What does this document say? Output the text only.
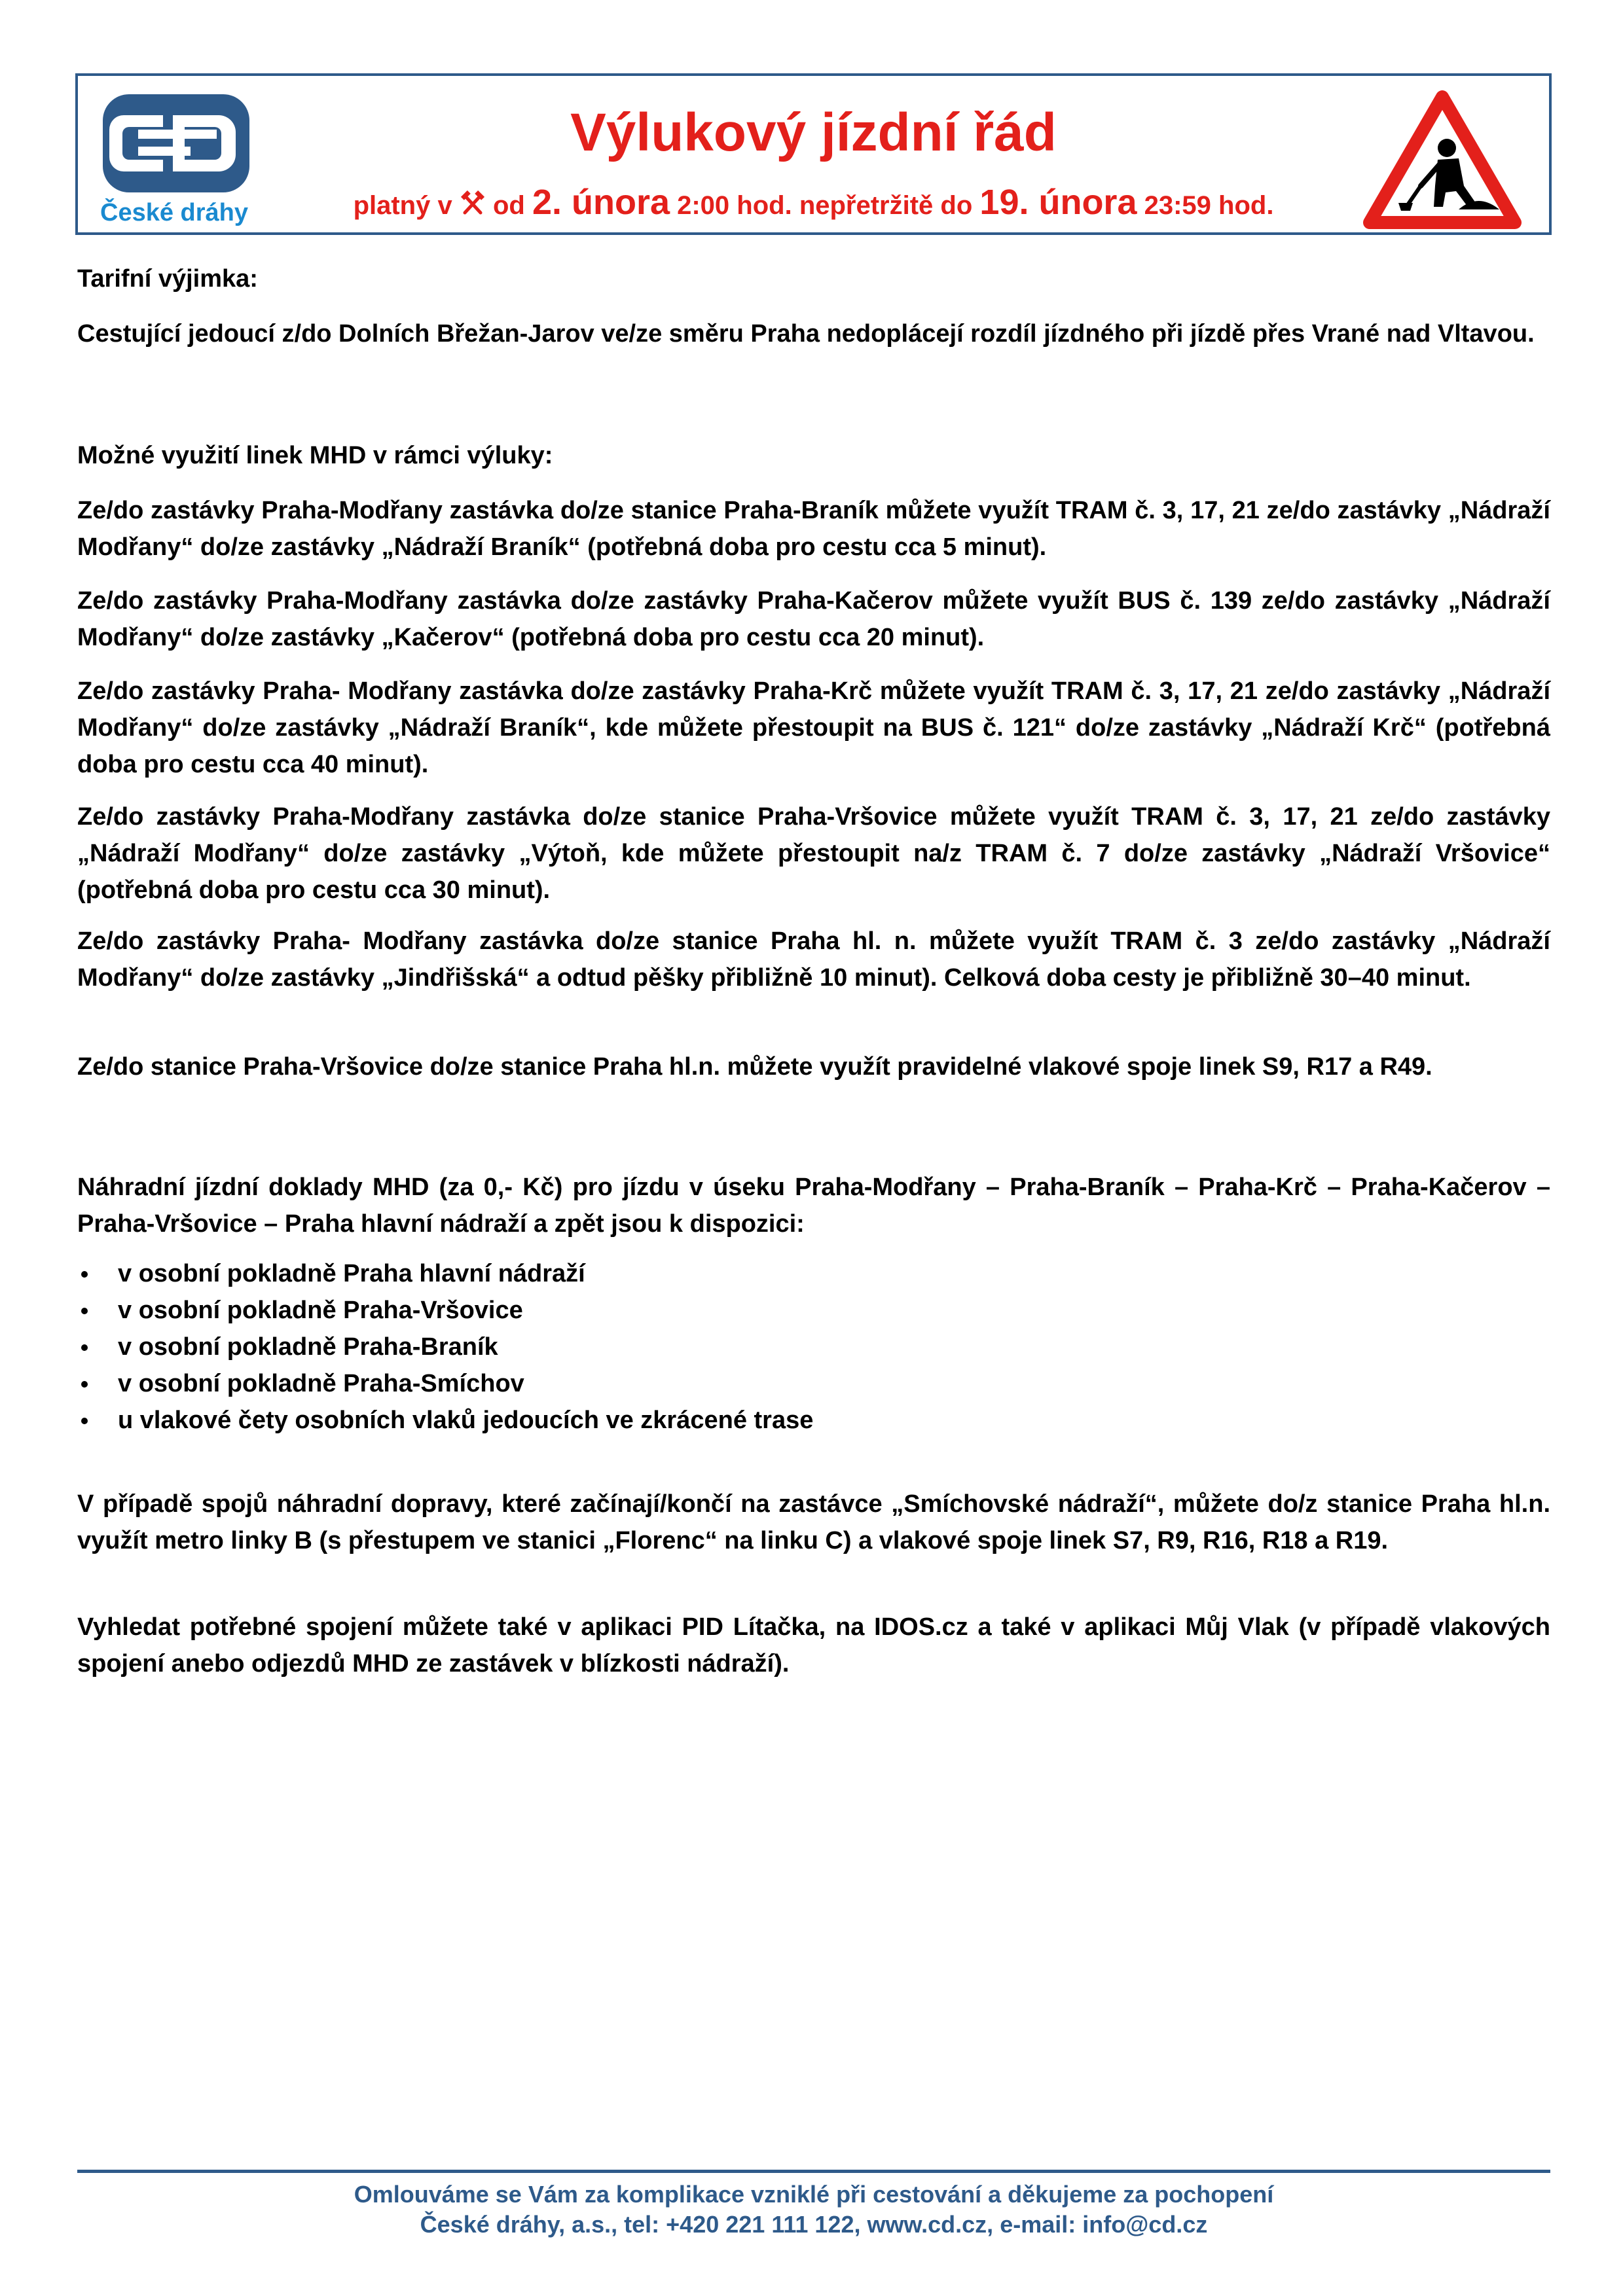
České dráhy
Výlukový jízdní řád
platný v  od 2. února 2:00 hod. nepřetržitě do 19. února 23:59 hod.

Tarifní výjimka:

Cestující jedoucí z/do Dolních Břežan-Jarov ve/ze směru Praha nedoplácejí rozdíl jízdného při jízdě přes Vrané nad Vltavou.

Možné využití linek MHD v rámci výluky:

Ze/do zastávky Praha-Modřany zastávka do/ze stanice Praha-Braník můžete využít TRAM č. 3, 17, 21 ze/do zastávky „Nádraží Modřany“ do/ze zastávky „Nádraží Braník“ (potřebná doba pro cestu cca 5 minut).

Ze/do zastávky Praha-Modřany zastávka do/ze zastávky Praha-Kačerov můžete využít BUS č. 139 ze/do zastávky „Nádraží Modřany“ do/ze zastávky „Kačerov“ (potřebná doba pro cestu cca 20 minut).

Ze/do zastávky Praha- Modřany zastávka do/ze zastávky Praha-Krč můžete využít TRAM č. 3, 17, 21 ze/do zastávky „Nádraží Modřany“ do/ze zastávky „Nádraží Braník“, kde můžete přestoupit na BUS č. 121“ do/ze zastávky „Nádraží Krč“ (potřebná doba pro cestu cca 40 minut).

Ze/do zastávky Praha-Modřany zastávka do/ze stanice Praha-Vršovice můžete využít TRAM č. 3, 17, 21 ze/do zastávky „Nádraží Modřany“ do/ze zastávky „Výtoň, kde můžete přestoupit na/z TRAM č. 7 do/ze zastávky „Nádraží Vršovice“ (potřebná doba pro cestu cca 30 minut).

Ze/do zastávky Praha- Modřany zastávka do/ze stanice Praha hl. n. můžete využít TRAM č. 3 ze/do zastávky „Nádraží Modřany“ do/ze zastávky „Jindřišská“ a odtud pěšky přibližně 10 minut). Celková doba cesty je přibližně 30–40 minut.

Ze/do stanice Praha-Vršovice do/ze stanice Praha hl.n. můžete využít pravidelné vlakové spoje linek S9, R17 a R49.

Náhradní jízdní doklady MHD (za 0,- Kč) pro jízdu v úseku Praha-Modřany – Praha-Braník – Praha-Krč – Praha-Kačerov – Praha-Vršovice – Praha hlavní nádraží a zpět jsou k dispozici:

v osobní pokladně Praha hlavní nádraží
v osobní pokladně Praha-Vršovice
v osobní pokladně Praha-Braník
v osobní pokladně Praha-Smíchov
u vlakové čety osobních vlaků jedoucích ve zkrácené trase

V případě spojů náhradní dopravy, které začínají/končí na zastávce „Smíchovské nádraží“, můžete do/z stanice Praha hl.n. využít metro linky B (s přestupem ve stanici „Florenc“ na linku C) a vlakové spoje linek S7, R9, R16, R18 a R19.

Vyhledat potřebné spojení můžete také v aplikaci PID Lítačka, na IDOS.cz a také v aplikaci Můj Vlak (v případě vlakových spojení anebo odjezdů MHD ze zastávek v blízkosti nádraží).

Omlouváme se Vám za komplikace vzniklé při cestování a děkujeme za pochopení
České dráhy, a.s., tel: +420 221 111 122, www.cd.cz, e-mail: info@cd.cz
